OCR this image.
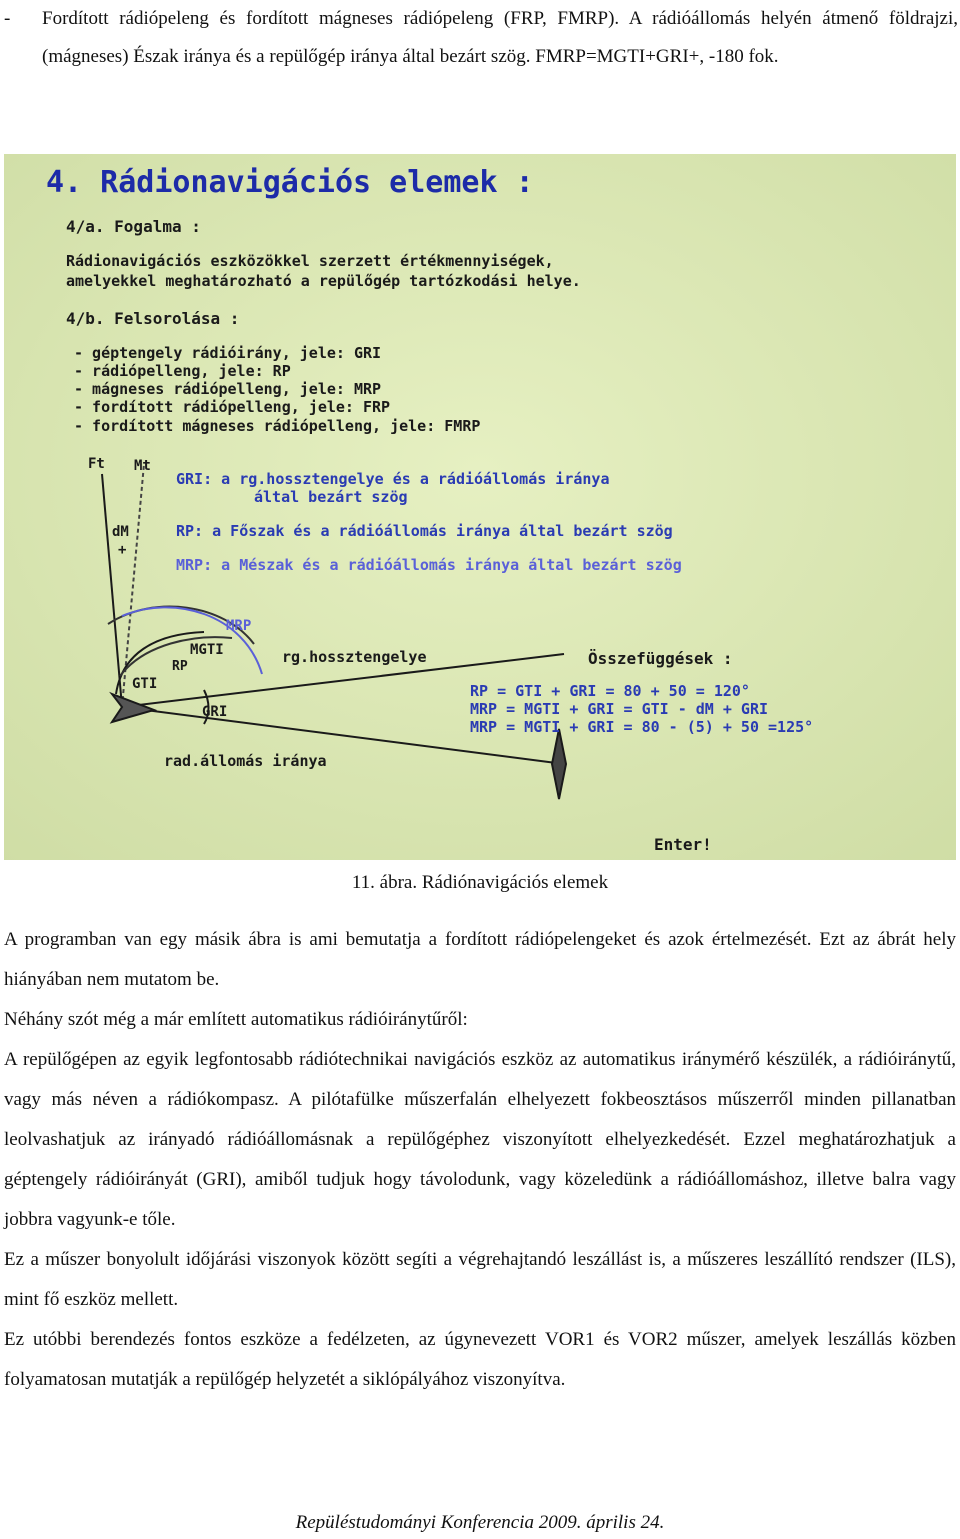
- Fordított rádiópeleng és fordított mágneses rádiópeleng (FRP, FMRP). A rádióállomás helyén átmenő földrajzi, (mágneses) Észak iránya és a repülőgép iránya által bezárt szög. FMRP=MGTI+GRI+, -180 fok.
4. Rádionavigációs elemek :
4/a. Fogalma :
Rádionavigációs eszközökkel szerzett értékmennyiségek,
amelyekkel meghatározható a repülőgép tartózkodási helye.
4/b. Felsorolása :
- géptengely rádióirány, jele: GRI
- rádiópelleng, jele: RP
- mágneses rádiópelleng, jele: MRP
- fordított rádiópelleng, jele: FRP
- fordított mágneses rádiópelleng, jele: FMRP
GRI: a rg.hossztengelye és a rádióállomás iránya
által bezárt szög
RP: a Főszak és a rádióállomás iránya által bezárt szög
MRP: a Mészak és a rádióállomás iránya által bezárt szög
Ft Mt
dM
+
GTI
MGTI
RP
MRP
GRI
rg.hossztengelye
rad.állomás iránya
Összefüggések :
RP = GTI + GRI = 80 + 50 = 120°
MRP = MGTI + GRI = GTI - dM + GRI
MRP = MGTI + GRI = 80 - (5) + 50 =125°
Enter!
11. ábra. Rádiónavigációs elemek

A programban van egy másik ábra is ami bemutatja a fordított rádiópelengeket és azok értelmezését. Ezt az ábrát hely hiányában nem mutatom be.

Néhány szót még a már említett automatikus rádióiránytűről:

A repülőgépen az egyik legfontosabb rádiótechnikai navigációs eszköz az automatikus iránymérő készülék, a rádióiránytű, vagy más néven a rádiókompasz. A pilótafülke műszerfalán elhelyezett fokbeosztásos műszerről minden pillanatban leolvashatjuk az irányadó rádióállomásnak a repülőgéphez viszonyított elhelyezkedését. Ezzel meghatározhatjuk a géptengely rádióirányát (GRI), amiből tudjuk hogy távolodunk, vagy közeledünk a rádióállomáshoz, illetve balra vagy jobbra vagyunk-e tőle.

Ez a műszer bonyolult időjárási viszonyok között segíti a végrehajtandó leszállást is, a műszeres leszállító rendszer (ILS), mint fő eszköz mellett.

Ez utóbbi berendezés fontos eszköze a fedélzeten, az úgynevezett VOR1 és VOR2 műszer, amelyek leszállás közben folyamatosan mutatják a repülőgép helyzetét a siklópályához viszonyítva.

Repüléstudományi Konferencia 2009. április 24.
